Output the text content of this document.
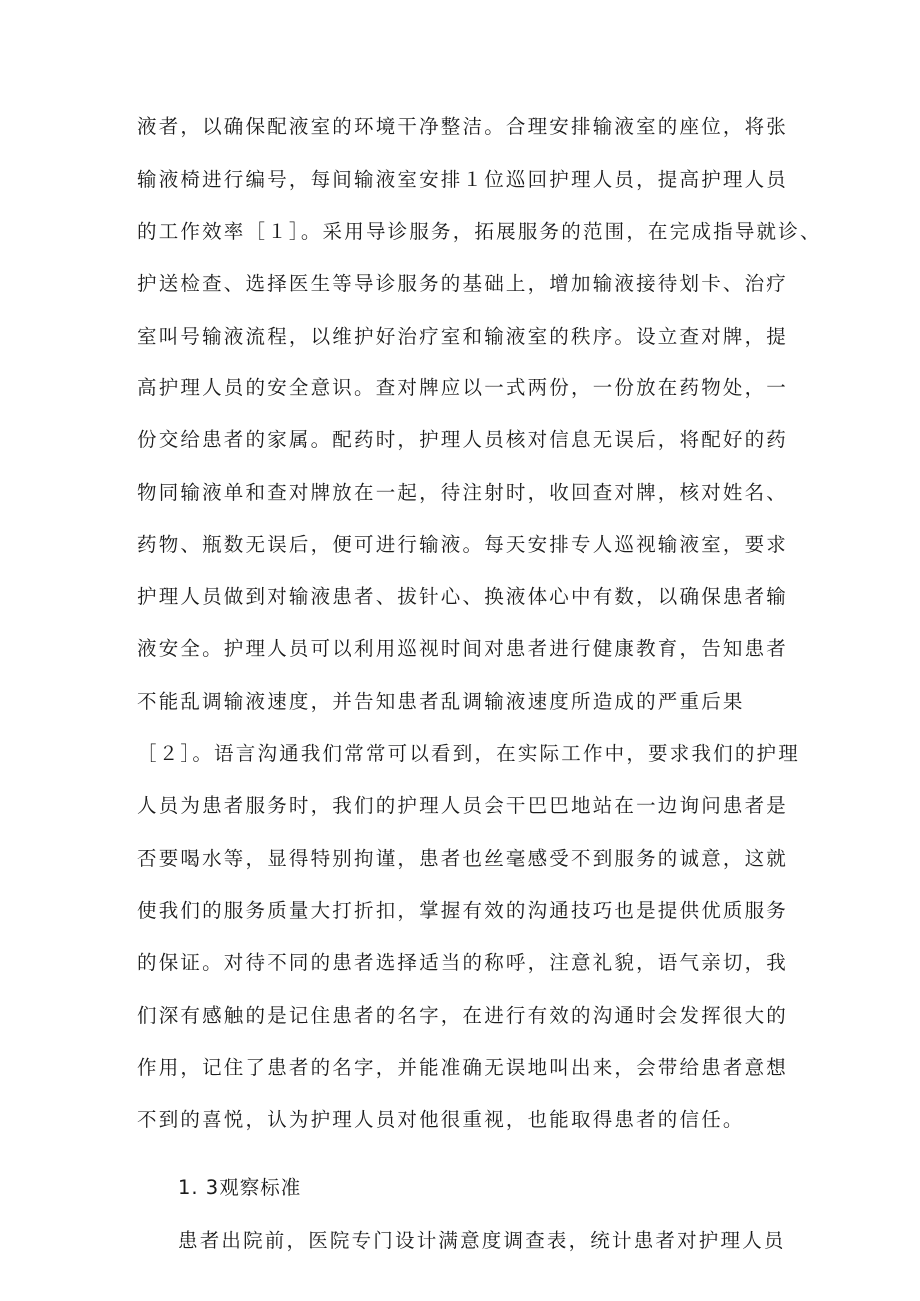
液者，以确保配液室的环境干净整洁。合理安排输液室的座位，将张
输液椅进行编号，每间输液室安排１位巡回护理人员，提高护理人员
的工作效率［１］。采用导诊服务，拓展服务的范围，在完成指导就诊、
护送检查、选择医生等导诊服务的基础上，增加输液接待划卡、治疗
室叫号输液流程，以维护好治疗室和输液室的秩序。设立查对牌，提
高护理人员的安全意识。查对牌应以一式两份，一份放在药物处，一
份交给患者的家属。配药时，护理人员核对信息无误后，将配好的药
物同输液单和查对牌放在一起，待注射时，收回查对牌，核对姓名、
药物、瓶数无误后，便可进行输液。每天安排专人巡视输液室，要求
护理人员做到对输液患者、拔针心、换液体心中有数，以确保患者输
液安全。护理人员可以利用巡视时间对患者进行健康教育，告知患者
不能乱调输液速度，并告知患者乱调输液速度所造成的严重后果
［２］。语言沟通我们常常可以看到，在实际工作中，要求我们的护理
人员为患者服务时，我们的护理人员会干巴巴地站在一边询问患者是
否要喝水等，显得特别拘谨，患者也丝毫感受不到服务的诚意，这就
使我们的服务质量大打折扣，掌握有效的沟通技巧也是提供优质服务
的保证。对待不同的患者选择适当的称呼，注意礼貌，语气亲切，我
们深有感触的是记住患者的名字，在进行有效的沟通时会发挥很大的
作用，记住了患者的名字，并能准确无误地叫出来，会带给患者意想
不到的喜悦，认为护理人员对他很重视，也能取得患者的信任。
1. 3观察标准
患者出院前，医院专门设计满意度调查表，统计患者对护理人员
